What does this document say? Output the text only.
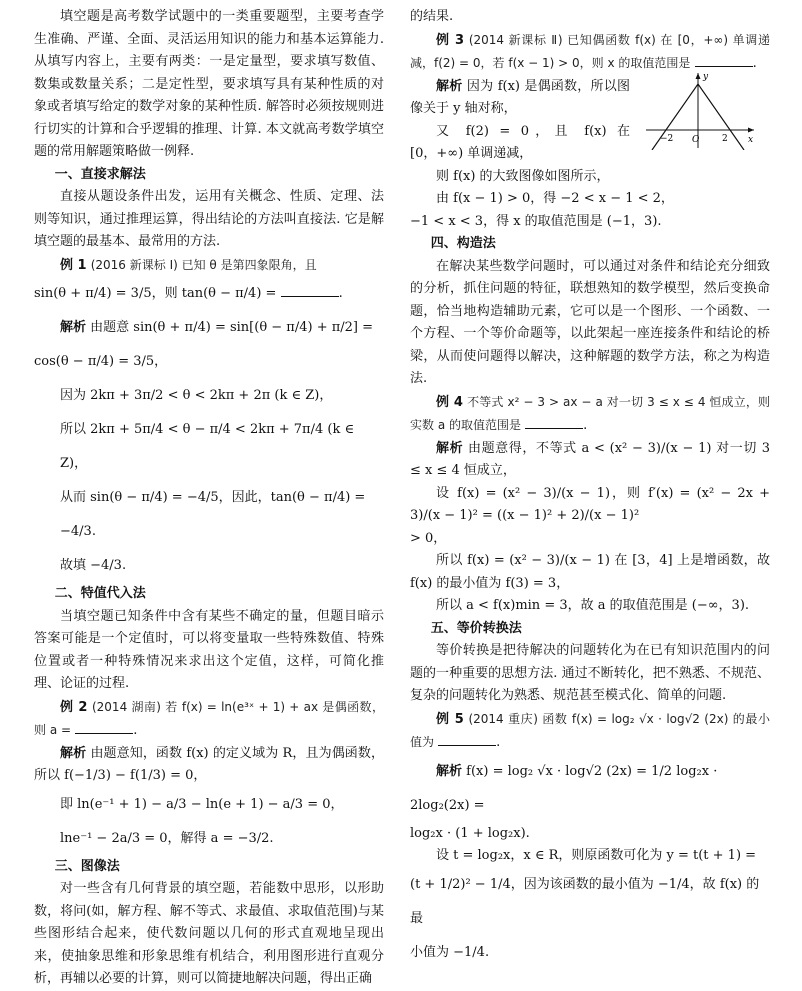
填空题是高考数学试题中的一类重要题型，主要考查学生准确、严谨、全面、灵活运用知识的能力和基本运算能力. 从填写内容上，主要有两类：一是定量型，要求填写数值、数集或数量关系；二是定性型，要求填写具有某种性质的对象或者填写给定的数学对象的某种性质. 解答时必须按规则进行切实的计算和合乎逻辑的推理、计算. 本文就高考数学填空题的常用解题策略做一例释.

一、直接求解法

直接从题设条件出发，运用有关概念、性质、定理、法则等知识，通过推理运算，得出结论的方法叫直接法. 它是解填空题的最基本、最常用的方法.

例 1 (2016 新课标 Ⅰ) 已知 θ 是第四象限角，且

sin(θ + π/4) = 3/5，则 tan(θ − π/4) =	.

解析 由题意 sin(θ + π/4) = sin[(θ − π/4) + π/2] =

cos(θ − π/4) = 3/5，

因为 2kπ + 3π/2 < θ < 2kπ + 2π (k ∈ Z)，

所以 2kπ + 5π/4 < θ − π/4 < 2kπ + 7π/4 (k ∈ Z)，

从而 sin(θ − π/4) = −4/5，因此，tan(θ − π/4) = −4/3.

故填 −4/3.

二、特值代入法

当填空题已知条件中含有某些不确定的量，但题目暗示答案可能是一个定值时，可以将变量取一些特殊数值、特殊位置或者一种特殊情况来求出这个定值，这样，可简化推理、论证的过程.

例 2 (2014 湖南) 若 f(x) = ln(e³ˣ + 1) + ax 是偶函数，则 a =	.

解析 由题意知，函数 f(x) 的定义域为 R，且为偶函数，所以 f(−1/3) − f(1/3) = 0，

即 ln(e⁻¹ + 1) − a/3 − ln(e + 1) − a/3 = 0，

lne⁻¹ − 2a/3 = 0，解得 a = −3/2.

三、图像法

对一些含有几何背景的填空题，若能数中思形，以形助数，将问(如，解方程、解不等式、求最值、求取值范围)与某些图形结合起来，使代数问题以几何的形式直观地呈现出来，使抽象思维和形象思维有机结合，利用图形进行直观分析，再辅以必要的计算，则可以简捷地解决问题，得出正确

的结果.

例 3 (2014 新课标 Ⅱ) 已知偶函数 f(x) 在 [0，+∞) 单调递减，f(2) = 0，若 f(x − 1) > 0，则 x 的取值范围是	.

解析 因为 f(x) 是偶函数，所以图像关于 y 轴对称，

又 f(2) = 0，且 f(x) 在 [0，+∞) 单调递减，

则 f(x) 的大致图像如图所示，

由 f(x − 1) > 0，得 −2 < x − 1 < 2，

−1 < x < 3，得 x 的取值范围是 (−1，3).

y
x
−2 O	2

四、构造法

在解决某些数学问题时，可以通过对条件和结论充分细致的分析，抓住问题的特征，联想熟知的数学模型，然后变换命题，恰当地构造辅助元素，它可以是一个图形、一个函数、一个方程、一个等价命题等，以此架起一座连接条件和结论的桥梁，从而使问题得以解决，这种解题的数学方法，称之为构造法.

例 4 不等式 x² − 3 > ax − a 对一切 3 ≤ x ≤ 4 恒成立，则实数 a 的取值范围是	.

解析 由题意得，不等式 a < (x² − 3)/(x − 1) 对一切 3 ≤ x ≤ 4 恒成立，

设 f(x) = (x² − 3)/(x − 1)，则 f′(x) = (x² − 2x + 3)/(x − 1)² = ((x − 1)² + 2)/(x − 1)²

> 0，

所以 f(x) = (x² − 3)/(x − 1) 在 [3，4] 上是增函数，故 f(x) 的最小值为 f(3) = 3，

所以 a < f(x)min = 3，故 a 的取值范围是 (−∞，3).

五、等价转换法

等价转换是把待解决的问题转化为在已有知识范围内的问题的一种重要的思想方法. 通过不断转化，把不熟悉、不规范、复杂的问题转化为熟悉、规范甚至模式化、简单的问题.

例 5 (2014 重庆) 函数 f(x) = log₂ √x · log√2 (2x) 的最小值为	.

解析 f(x) = log₂ √x · log√2 (2x) = 1/2 log₂x · 2log₂(2x) =

log₂x · (1 + log₂x).

设 t = log₂x，x ∈ R，则原函数可化为 y = t(t + 1) =

(t + 1/2)² − 1/4，因为该函数的最小值为 −1/4，故 f(x) 的最

小值为 −1/4.
